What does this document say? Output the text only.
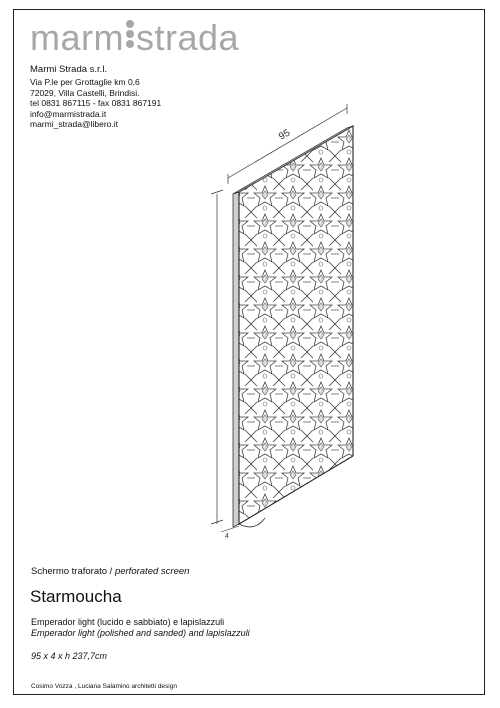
marm strada
Marmi Strada s.r.l.
Via P.le per Grottaglie km 0,6
72029, Villa Castelli, Brindisi.
tel 0831 867115 - fax 0831 867191
info@marmistrada.it
marmi_strada@libero.it
95
4
Schermo traforato / perforated screen
Starmoucha
Emperador light (lucido e sabbiato) e lapislazzuli
Emperador light (polished and sanded) and lapislazzuli
95 x 4 x h 237,7cm
Cosimo Vozza , Luciana Salamino architetti design
